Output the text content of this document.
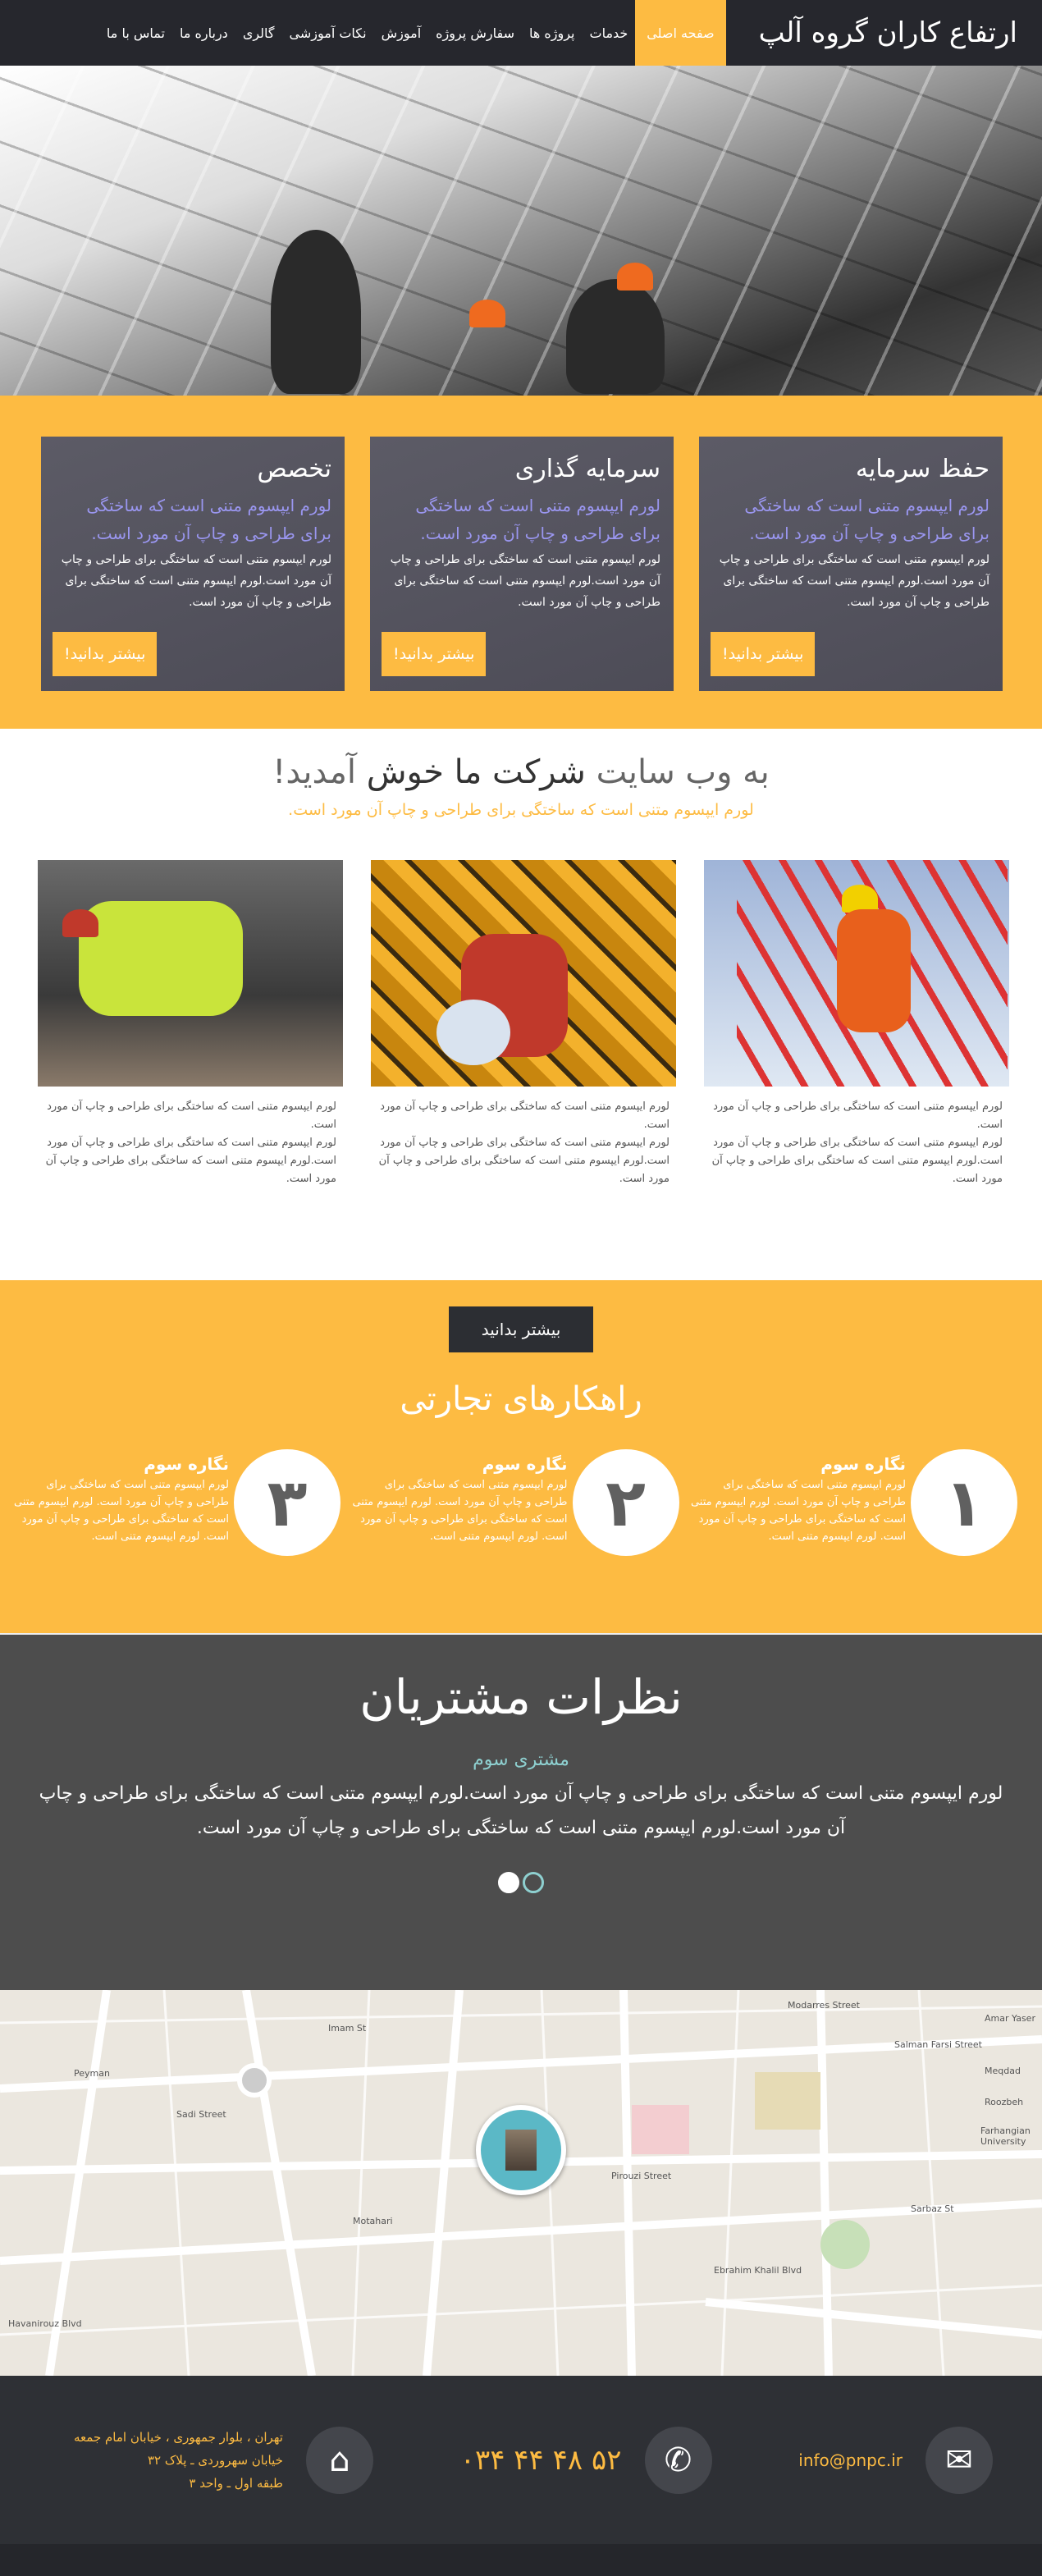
ارتفاع کاران گروه آلپ
صفحه اصلی
خدمات
پروژه ها
سفارش پروژه
آموزش
نکات آموزشی
گالری
درباره ما
تماس با ما
حفظ سرمایه

لورم ایپسوم متنی است که ساختگی برای طراحی و چاپ آن مورد است.

لورم ایپسوم متنی است که ساختگی برای طراحی و چاپ آن مورد است.لورم ایپسوم متنی است که ساختگی برای طراحی و چاپ آن مورد است.

بیشتر بدانید!
سرمایه گذاری

لورم ایپسوم متنی است که ساختگی برای طراحی و چاپ آن مورد است.

لورم ایپسوم متنی است که ساختگی برای طراحی و چاپ آن مورد است.لورم ایپسوم متنی است که ساختگی برای طراحی و چاپ آن مورد است.

بیشتر بدانید!
تخصص

لورم ایپسوم متنی است که ساختگی برای طراحی و چاپ آن مورد است.

لورم ایپسوم متنی است که ساختگی برای طراحی و چاپ آن مورد است.لورم ایپسوم متنی است که ساختگی برای طراحی و چاپ آن مورد است.

بیشتر بدانید!
به وب سایت شرکت ما خوش آمدید!

لورم ایپسوم متنی است که ساختگی برای طراحی و چاپ آن مورد است.

لورم ایپسوم متنی است که ساختگی برای طراحی و چاپ آن مورد است.

لورم ایپسوم متنی است که ساختگی برای طراحی و چاپ آن مورد است.لورم ایپسوم متنی است که ساختگی برای طراحی و چاپ آن مورد است.

لورم ایپسوم متنی است که ساختگی برای طراحی و چاپ آن مورد است.

لورم ایپسوم متنی است که ساختگی برای طراحی و چاپ آن مورد است.لورم ایپسوم متنی است که ساختگی برای طراحی و چاپ آن مورد است.

لورم ایپسوم متنی است که ساختگی برای طراحی و چاپ آن مورد است.

لورم ایپسوم متنی است که ساختگی برای طراحی و چاپ آن مورد است.لورم ایپسوم متنی است که ساختگی برای طراحی و چاپ آن مورد است.

بیشتر بدانید
راهکارهای تجارتی
۱
نگاره سوم

لورم ایپسوم متنی است که ساختگی برای طراحی و چاپ آن مورد است. لورم ایپسوم متنی است که ساختگی برای طراحی و چاپ آن مورد است. لورم ایپسوم متنی است.

۲
نگاره سوم

لورم ایپسوم متنی است که ساختگی برای طراحی و چاپ آن مورد است. لورم ایپسوم متنی است که ساختگی برای طراحی و چاپ آن مورد است. لورم ایپسوم متنی است.

۳
نگاره سوم

لورم ایپسوم متنی است که ساختگی برای طراحی و چاپ آن مورد است. لورم ایپسوم متنی است که ساختگی برای طراحی و چاپ آن مورد است. لورم ایپسوم متنی است.

نظرات مشتریان
مشتری سوم

لورم ایپسوم متنی است که ساختگی برای طراحی و چاپ آن مورد است.لورم ایپسوم متنی است که ساختگی برای طراحی و چاپ آن مورد است.لورم ایپسوم متنی است که ساختگی برای طراحی و چاپ آن مورد است.

Imam St
Peyman
Sadi Street
Motahari
Pirouzi Street
Salman Farsi Street
Amar Yaser
Meqdad
Roozbeh
Farhangian University
Sarbaz St
Ebrahim Khalil Blvd
Modarres Street
Havanirouz Blvd
✉
info@pnpc.ir
✆
۵۲ ۴۸ ۴۴ ۰۳۴
⌂
تهران ، بلوار جمهوری ، خیابان امام جمعه
خیابان سهروردی ـ پلاک ۳۲
طبقه اول ـ واحد ۳
